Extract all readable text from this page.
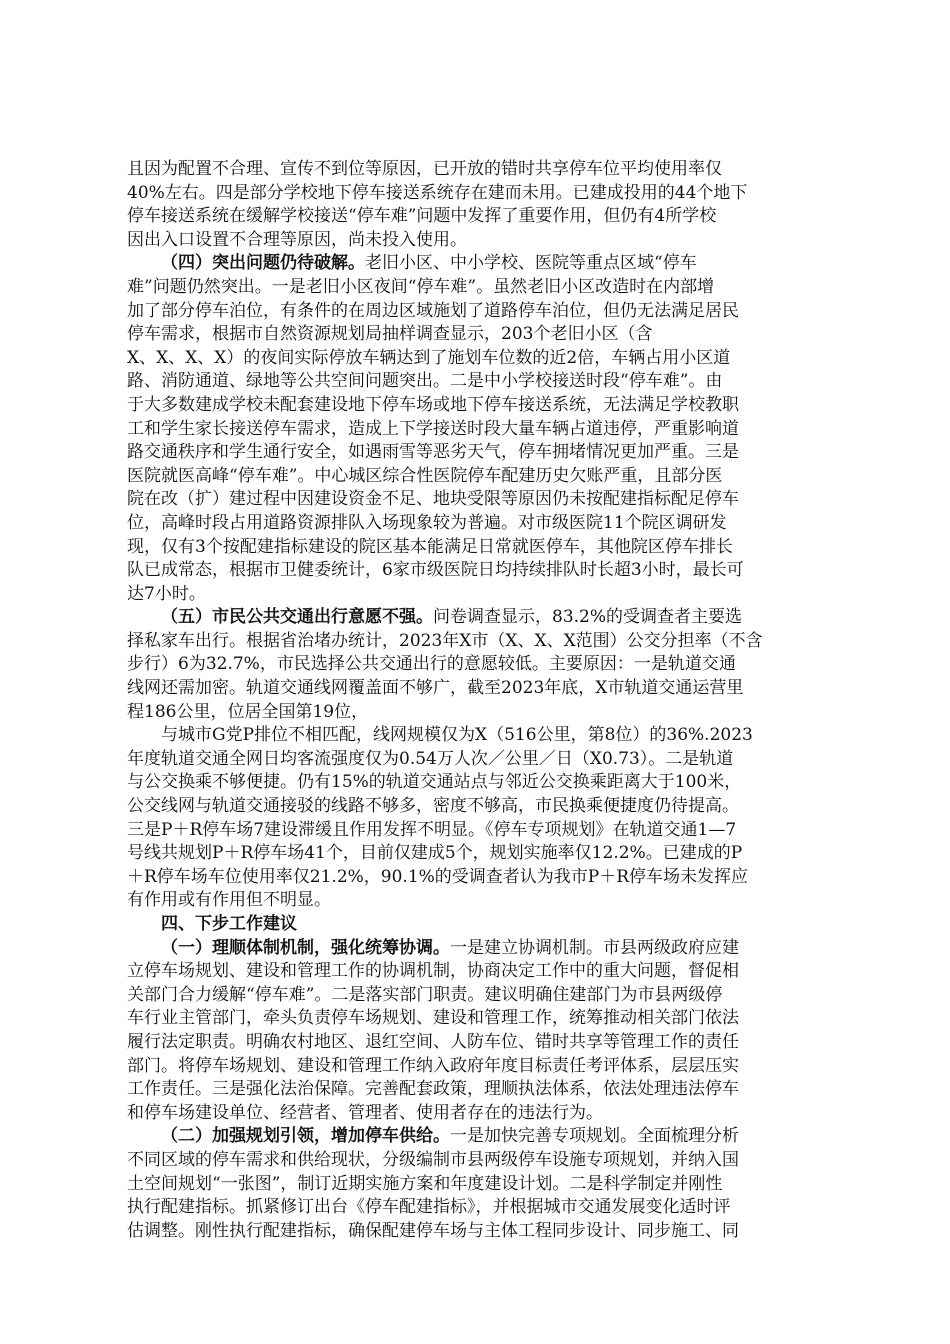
且因为配置不合理、宣传不到位等原因，已开放的错时共享停车位平均使用率仅
40%左右。四是部分学校地下停车接送系统存在建而未用。已建成投用的44个地下
停车接送系统在缓解学校接送“停车难”问题中发挥了重要作用，但仍有4所学校
因出入口设置不合理等原因，尚未投入使用。
（四）突出问题仍待破解。老旧小区、中小学校、医院等重点区域“停车
难”问题仍然突出。一是老旧小区夜间“停车难”。虽然老旧小区改造时在内部增
加了部分停车泊位，有条件的在周边区域施划了道路停车泊位，但仍无法满足居民
停车需求，根据市自然资源规划局抽样调查显示，203个老旧小区（含
X、X、X、X）的夜间实际停放车辆达到了施划车位数的近2倍，车辆占用小区道
路、消防通道、绿地等公共空间问题突出。二是中小学校接送时段“停车难”。由
于大多数建成学校未配套建设地下停车场或地下停车接送系统，无法满足学校教职
工和学生家长接送停车需求，造成上下学接送时段大量车辆占道违停，严重影响道
路交通秩序和学生通行安全，如遇雨雪等恶劣天气，停车拥堵情况更加严重。三是
医院就医高峰“停车难”。中心城区综合性医院停车配建历史欠账严重，且部分医
院在改（扩）建过程中因建设资金不足、地块受限等原因仍未按配建指标配足停车
位，高峰时段占用道路资源排队入场现象较为普遍。对市级医院11个院区调研发
现，仅有3个按配建指标建设的院区基本能满足日常就医停车，其他院区停车排长
队已成常态，根据市卫健委统计，6家市级医院日均持续排队时长超3小时，最长可
达7小时。
（五）市民公共交通出行意愿不强。问卷调查显示，83.2%的受调查者主要选
择私家车出行。根据省治堵办统计，2023年X市（X、X、X范围）公交分担率（不含
步行）6为32.7%，市民选择公共交通出行的意愿较低。主要原因：一是轨道交通
线网还需加密。轨道交通线网覆盖面不够广，截至2023年底，X市轨道交通运营里
程186公里，位居全国第19位，
与城市G党P排位不相匹配，线网规模仅为X（516公里，第8位）的36%.2023
年度轨道交通全网日均客流强度仅为0.54万人次／公里／日（X0.73）。二是轨道
与公交换乘不够便捷。仍有15%的轨道交通站点与邻近公交换乘距离大于100米，
公交线网与轨道交通接驳的线路不够多，密度不够高，市民换乘便捷度仍待提高。
三是P＋R停车场7建设滞缓且作用发挥不明显。《停车专项规划》在轨道交通1—7
号线共规划P＋R停车场41个，目前仅建成5个，规划实施率仅12.2%。已建成的P
＋R停车场车位使用率仅21.2%，90.1%的受调查者认为我市P＋R停车场未发挥应
有作用或有作用但不明显。
四、下步工作建议
（一）理顺体制机制，强化统筹协调。一是建立协调机制。市县两级政府应建
立停车场规划、建设和管理工作的协调机制，协商决定工作中的重大问题，督促相
关部门合力缓解“停车难”。二是落实部门职责。建议明确住建部门为市县两级停
车行业主管部门，牵头负责停车场规划、建设和管理工作，统筹推动相关部门依法
履行法定职责。明确农村地区、退红空间、人防车位、错时共享等管理工作的责任
部门。将停车场规划、建设和管理工作纳入政府年度目标责任考评体系，层层压实
工作责任。三是强化法治保障。完善配套政策，理顺执法体系，依法处理违法停车
和停车场建设单位、经营者、管理者、使用者存在的违法行为。
（二）加强规划引领，增加停车供给。一是加快完善专项规划。全面梳理分析
不同区域的停车需求和供给现状，分级编制市县两级停车设施专项规划，并纳入国
土空间规划“一张图”，制订近期实施方案和年度建设计划。二是科学制定并刚性
执行配建指标。抓紧修订出台《停车配建指标》，并根据城市交通发展变化适时评
估调整。刚性执行配建指标，确保配建停车场与主体工程同步设计、同步施工、同
